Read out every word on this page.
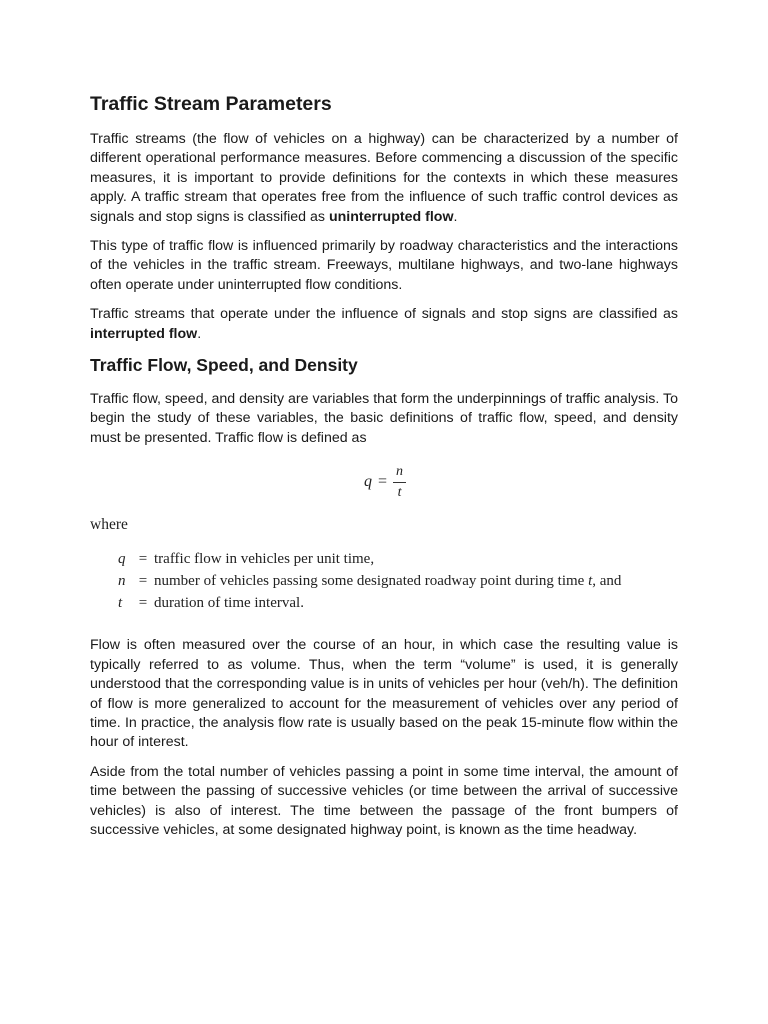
Traffic Stream Parameters

Traffic streams (the flow of vehicles on a highway) can be characterized by a number of different operational performance measures. Before commencing a discussion of the specific measures, it is important to provide definitions for the contexts in which these measures apply. A traffic stream that operates free from the influence of such traffic control devices as signals and stop signs is classified as uninterrupted flow.

This type of traffic flow is influenced primarily by roadway characteristics and the interactions of the vehicles in the traffic stream. Freeways, multilane highways, and two-lane highways often operate under uninterrupted flow conditions.

Traffic streams that operate under the influence of signals and stop signs are classified as interrupted flow.

Traffic Flow, Speed, and Density

Traffic flow, speed, and density are variables that form the underpinnings of traffic analysis. To begin the study of these variables, the basic definitions of traffic flow, speed, and density must be presented. Traffic flow is defined as

$q = \frac{n}{t}$
where
q = traffic flow in vehicles per unit time,
n = number of vehicles passing some designated roadway point during time t, and
t	= duration of time interval.

Flow is often measured over the course of an hour, in which case the resulting value is typically referred to as volume. Thus, when the term “volume” is used, it is generally understood that the corresponding value is in units of vehicles per hour (veh/h). The definition of flow is more generalized to account for the measurement of vehicles over any period of time. In practice, the analysis flow rate is usually based on the peak 15-minute flow within the hour of interest.

Aside from the total number of vehicles passing a point in some time interval, the amount of time between the passing of successive vehicles (or time between the arrival of successive vehicles) is also of interest. The time between the passage of the front bumpers of successive vehicles, at some designated highway point, is known as the time headway.
